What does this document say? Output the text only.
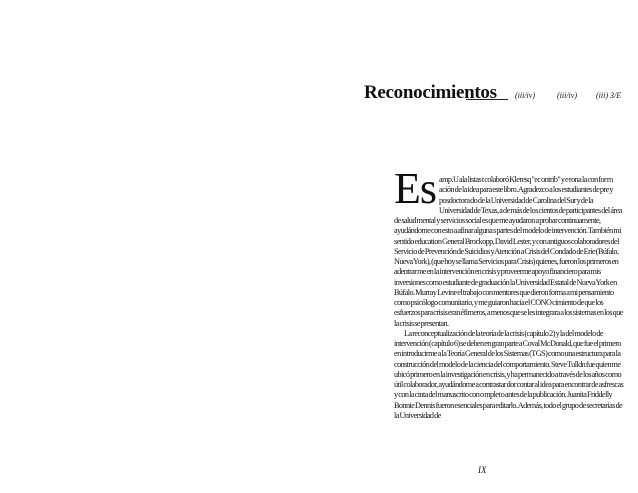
Reconocimientos (iii/iv)	(iii/iv) (iii) 3/E

Es amp.U ala listas t colaboró Kleresq "ec ontrib" y e rona la con for m ación de la idea para este libro. Agradezco a los estudiantes de pre y posdoctora do de la Universidad de Carolina del Sur y de la Universidad de Texas, a de más de los cientos de participantes del área de salud mental y servicios social es que me ayudaron a probar continuamente, ayudándome con esto a afinar alguna s partes del modelo de intervención. También mi sentido education General Brockopp, David Lester, y con antiguos colaboradores del Servicio de Prevención de Suicidios y Atención a Crisis del Condado de Erie (Búfalo, Nueva York), (que hoy se llama Servicios para Crisis) quienes, fueron los primeros en adentrar me en la intervención en crisis y proveerme apoyo financiero para mis inversiones como estudiante de graduación la Universidad Estatal de Nueva York en Búfalo. Murray Levine el trabajo con mentores que dieron forma a mi pensamiento como psicólogo comunitario, y me guiaron hacia el CONO cimiento de que los esfuerzos para crisis eran éfimeros, a menos que se les integrara a los sistemas en los que la crisis se presentan.

La reconceptualización de la teoría de la crisis (capítulo 2) y la del modelo de intervención (capítulo 6) se deben en gran parte a Coval McDonald, que fue el primero en introducirme a la Teoría General de los Sistemas (TGS) como una estructura para la construcción del modelo de la ciencia del comportamiento. Steve Tulldn fue quien me ubicó primero en la investigación en crisis, y ha permanecido a través de los años como útil colaborador, ayudándome a contrastar dor contar al idea para encontrar de asfrescas y con la cinta del manuscrito con o mplet o antes de la publicación. Juanita Friddelly Bonnie Dennis fueron esenciales para editarlo. Además, todo el grupo de secretarias de la Universidad de

IX
